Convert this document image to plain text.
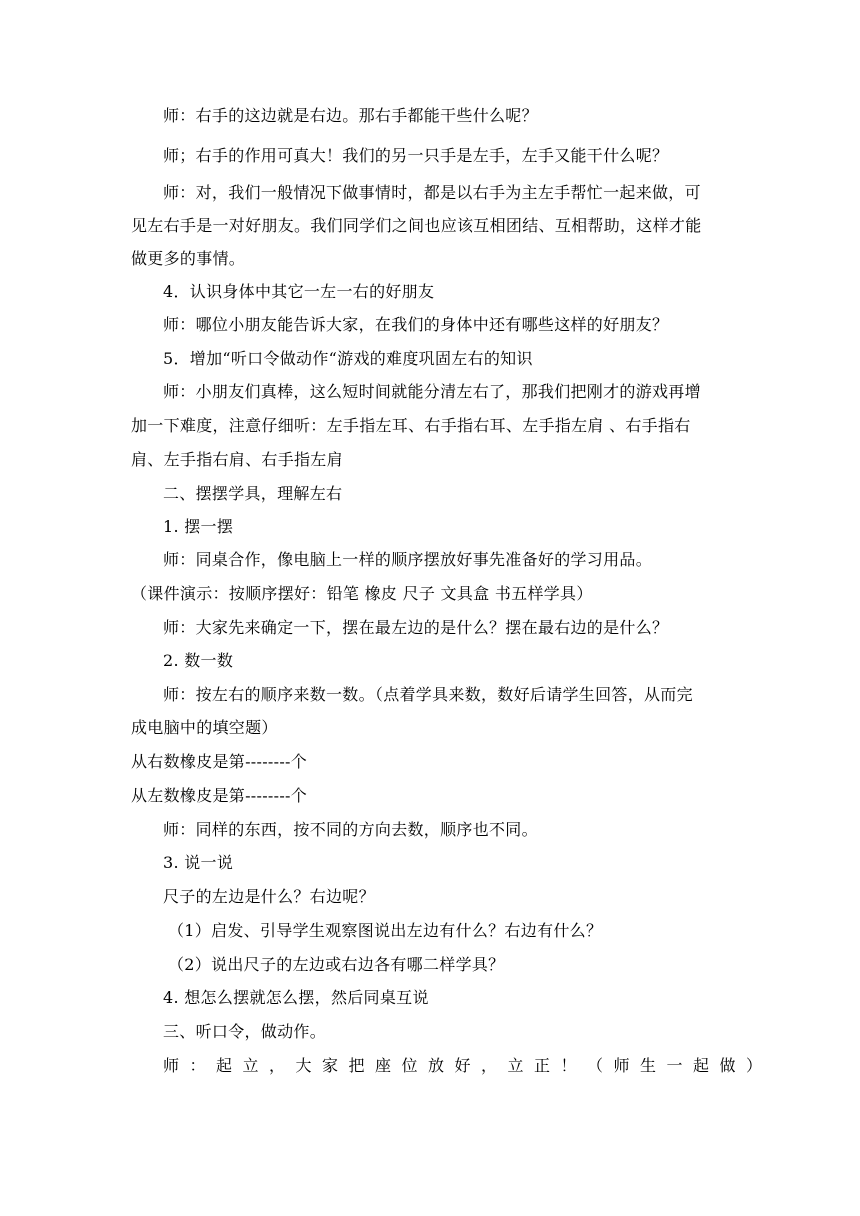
师：右手的这边就是右边。那右手都能干些什么呢？
师；右手的作用可真大！我们的另一只手是左手，左手又能干什么呢？
师：对，我们一般情况下做事情时，都是以右手为主左手帮忙一起来做，可
见左右手是一对好朋友。我们同学们之间也应该互相团结、互相帮助，这样才能
做更多的事情。
4．认识身体中其它一左一右的好朋友
师：哪位小朋友能告诉大家，在我们的身体中还有哪些这样的好朋友？
5．增加“听口令做动作“游戏的难度巩固左右的知识
师：小朋友们真棒，这么短时间就能分清左右了，那我们把刚才的游戏再增
加一下难度，注意仔细听：左手指左耳、右手指右耳、左手指左肩 、右手指右
肩、左手指右肩、右手指左肩
二、摆摆学具，理解左右
1. 摆一摆
师：同桌合作，像电脑上一样的顺序摆放好事先准备好的学习用品。
（课件演示：按顺序摆好：铅笔 橡皮 尺子 文具盒 书五样学具）
师：大家先来确定一下，摆在最左边的是什么？摆在最右边的是什么？
2. 数一数
师：按左右的顺序来数一数。（点着学具来数，数好后请学生回答，从而完
成电脑中的填空题）
从右数橡皮是第--------个
从左数橡皮是第--------个
师：同样的东西，按不同的方向去数，顺序也不同。
3. 说一说
尺子的左边是什么？右边呢？
（1）启发、引导学生观察图说出左边有什么？右边有什么？
（2）说出尺子的左边或右边各有哪二样学具？
4. 想怎么摆就怎么摆，然后同桌互说
三、听口令，做动作。
师：起立，大家把座位放好，立正！（师生一起做）
